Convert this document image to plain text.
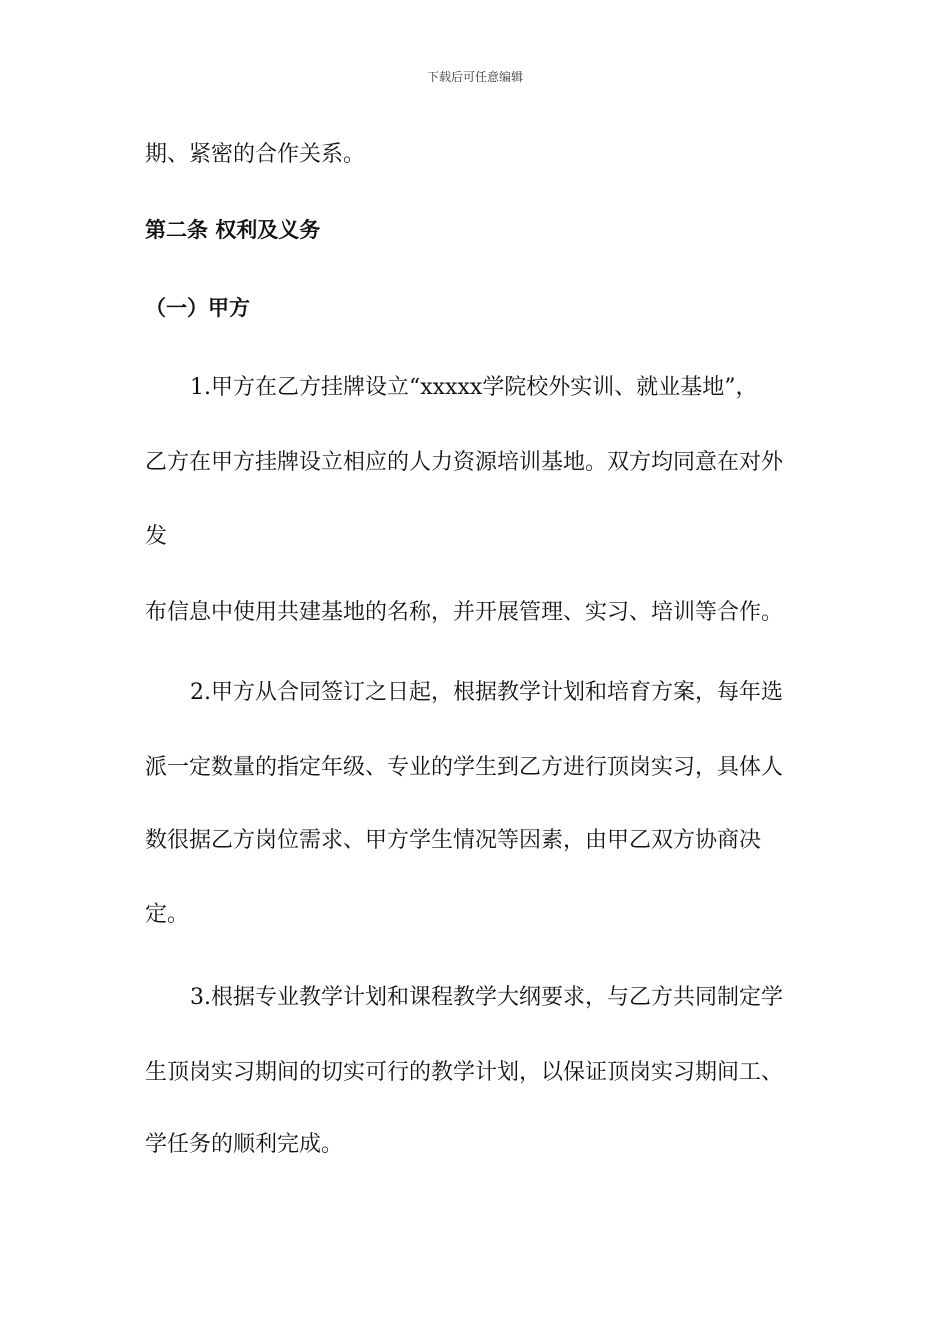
下载后可任意编辑
期、紧密的合作关系。
第二条 权利及义务
（一）甲方
1.甲方在乙方挂牌设立“xxxxx学院校外实训、就业基地”，
乙方在甲方挂牌设立相应的人力资源培训基地。双方均同意在对外
发
布信息中使用共建基地的名称，并开展管理、实习、培训等合作。
2.甲方从合同签订之日起，根据教学计划和培育方案，每年选
派一定数量的指定年级、专业的学生到乙方进行顶岗实习，具体人
数很据乙方岗位需求、甲方学生情况等因素，由甲乙双方协商决
定。
3.根据专业教学计划和课程教学大纲要求，与乙方共同制定学
生顶岗实习期间的切实可行的教学计划，以保证顶岗实习期间工、
学任务的顺利完成。
